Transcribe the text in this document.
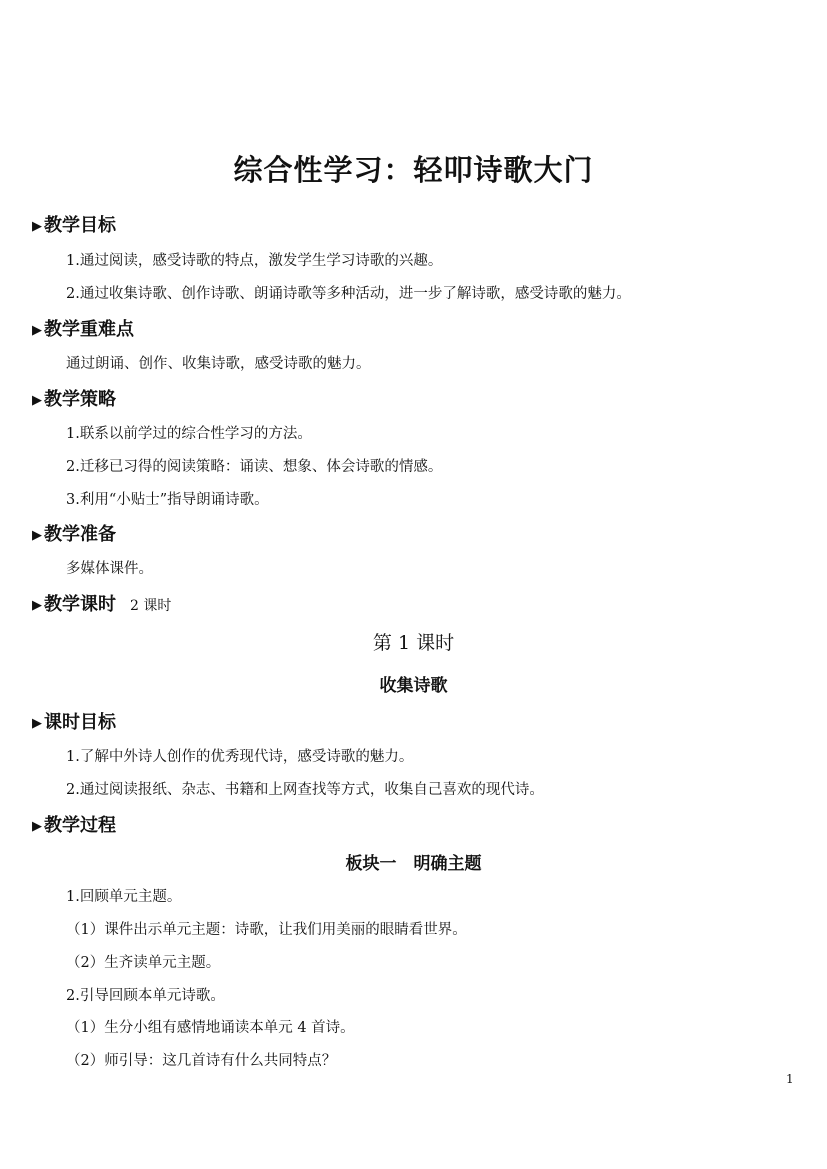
综合性学习：轻叩诗歌大门
▶ 教学目标
1.通过阅读，感受诗歌的特点，激发学生学习诗歌的兴趣。
2.通过收集诗歌、创作诗歌、朗诵诗歌等多种活动，进一步了解诗歌，感受诗歌的魅力。
▶ 教学重难点
通过朗诵、创作、收集诗歌，感受诗歌的魅力。
▶ 教学策略
1.联系以前学过的综合性学习的方法。
2.迁移已习得的阅读策略：诵读、想象、体会诗歌的情感。
3.利用“小贴士”指导朗诵诗歌。
▶ 教学准备
多媒体课件。
▶ 教学课时 2 课时
第 1 课时
收集诗歌
▶ 课时目标
1.了解中外诗人创作的优秀现代诗，感受诗歌的魅力。
2.通过阅读报纸、杂志、书籍和上网查找等方式，收集自己喜欢的现代诗。
▶ 教学过程
板块一　明确主题
1.回顾单元主题。
（1）课件出示单元主题：诗歌，让我们用美丽的眼睛看世界。
（2）生齐读单元主题。
2.引导回顾本单元诗歌。
（1）生分小组有感情地诵读本单元 4 首诗。
（2）师引导：这几首诗有什么共同特点？
1
